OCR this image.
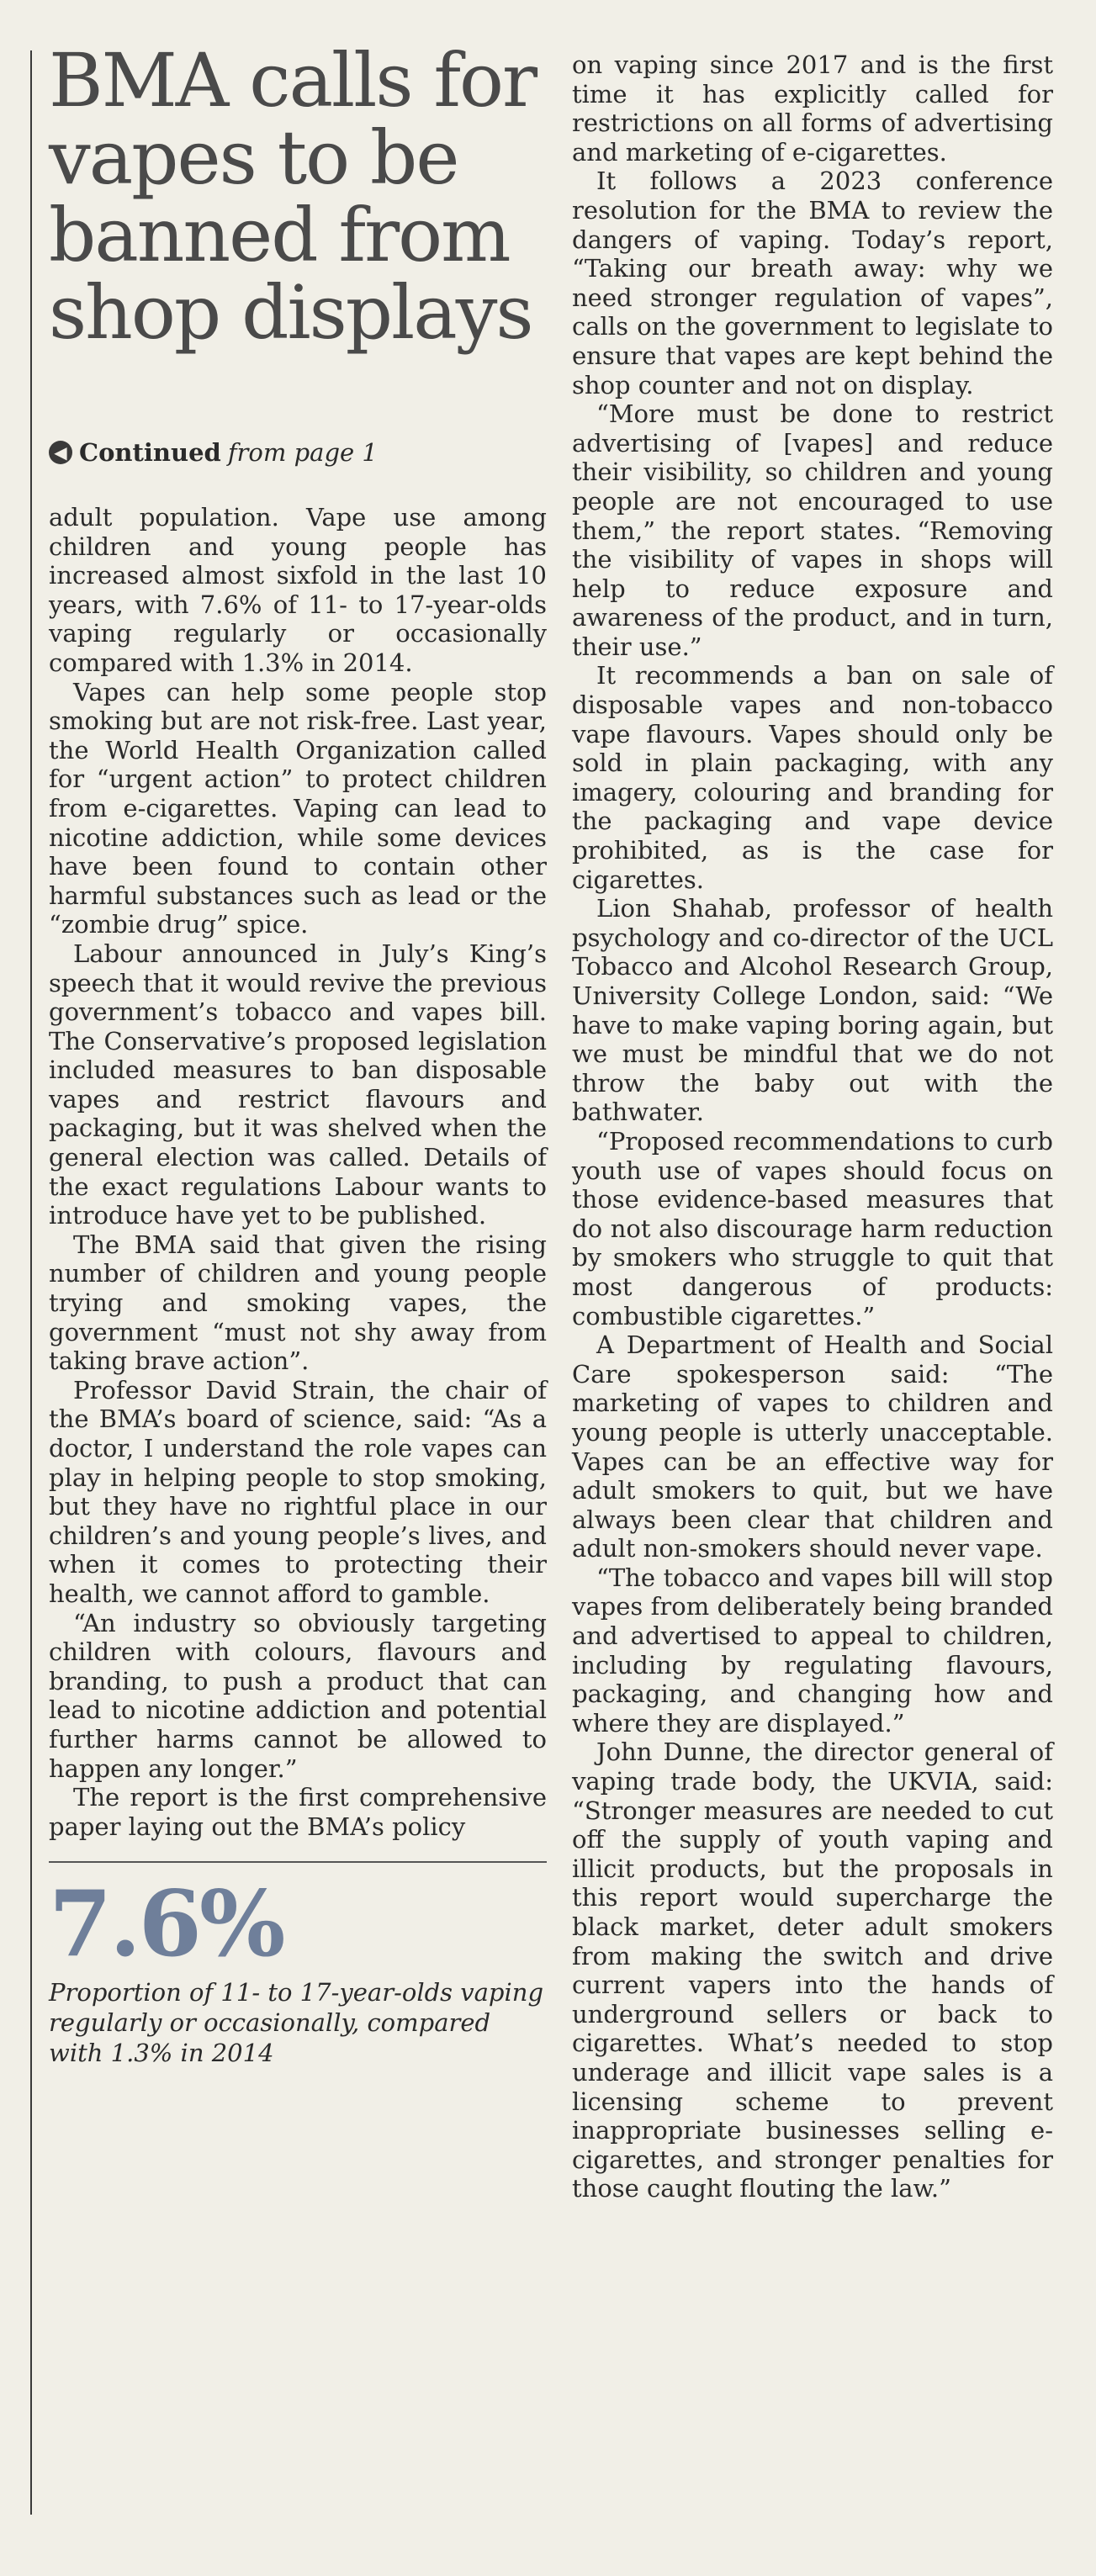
BMA calls for vapes to be banned from shop displays
◀ Continued from page 1

adult population. Vape use among children and young people has increased almost sixfold in the last 10 years, with 7.6% of 11- to 17-year-olds vaping regularly or occasionally compared with 1.3% in 2014.

Vapes can help some people stop smoking but are not risk-free. Last year, the World Health Organization called for “urgent action” to protect children from e-cigarettes. Vaping can lead to nicotine addiction, while some devices have been found to contain other harmful substances such as lead or the “zombie drug” spice.

Labour announced in July’s King’s speech that it would revive the previous government’s tobacco and vapes bill. The Conservative’s proposed legislation included measures to ban disposable vapes and restrict flavours and packaging, but it was shelved when the general election was called. Details of the exact regulations Labour wants to introduce have yet to be published.

The BMA said that given the rising number of children and young people trying and smoking vapes, the government “must not shy away from taking brave action”.

Professor David Strain, the chair of the BMA’s board of science, said: “As a doctor, I understand the role vapes can play in helping people to stop smoking, but they have no rightful place in our children’s and young people’s lives, and when it comes to protecting their health, we cannot afford to gamble.

“An industry so obviously targeting children with colours, flavours and branding, to push a product that can lead to nicotine addiction and potential further harms cannot be allowed to happen any longer.”

The report is the first comprehensive paper laying out the BMA’s policy

7.6%

Proportion of 11- to 17-year-olds vaping regularly or occasionally, compared with 1.3% in 2014

on vaping since 2017 and is the first time it has explicitly called for restrictions on all forms of advertising and marketing of e-cigarettes.

It follows a 2023 conference resolution for the BMA to review the dangers of vaping. Today’s report, “Taking our breath away: why we need stronger regulation of vapes”, calls on the government to legislate to ensure that vapes are kept behind the shop counter and not on display.

“More must be done to restrict advertising of [vapes] and reduce their visibility, so children and young people are not encouraged to use them,” the report states. “Removing the visibility of vapes in shops will help to reduce exposure and awareness of the product, and in turn, their use.”

It recommends a ban on sale of disposable vapes and non-tobacco vape flavours. Vapes should only be sold in plain packaging, with any imagery, colouring and branding for the packaging and vape device prohibited, as is the case for cigarettes.

Lion Shahab, professor of health psychology and co-director of the UCL Tobacco and Alcohol Research Group, University College London, said: “We have to make vaping boring again, but we must be mindful that we do not throw the baby out with the bathwater.

“Proposed recommendations to curb youth use of vapes should focus on those evidence-based measures that do not also discourage harm reduction by smokers who struggle to quit that most dangerous of products: combustible cigarettes.”

A Department of Health and Social Care spokesperson said: “The marketing of vapes to children and young people is utterly unacceptable. Vapes can be an effective way for adult smokers to quit, but we have always been clear that children and adult non-smokers should never vape.

“The tobacco and vapes bill will stop vapes from deliberately being branded and advertised to appeal to children, including by regulating flavours, packaging, and changing how and where they are displayed.”

John Dunne, the director general of vaping trade body, the UKVIA, said: “Stronger measures are needed to cut off the supply of youth vaping and illicit products, but the proposals in this report would supercharge the black market, deter adult smokers from making the switch and drive current vapers into the hands of underground sellers or back to cigarettes. What’s needed to stop underage and illicit vape sales is a licensing scheme to prevent inappropriate businesses selling e-cigarettes, and stronger penalties for those caught flouting the law.”
